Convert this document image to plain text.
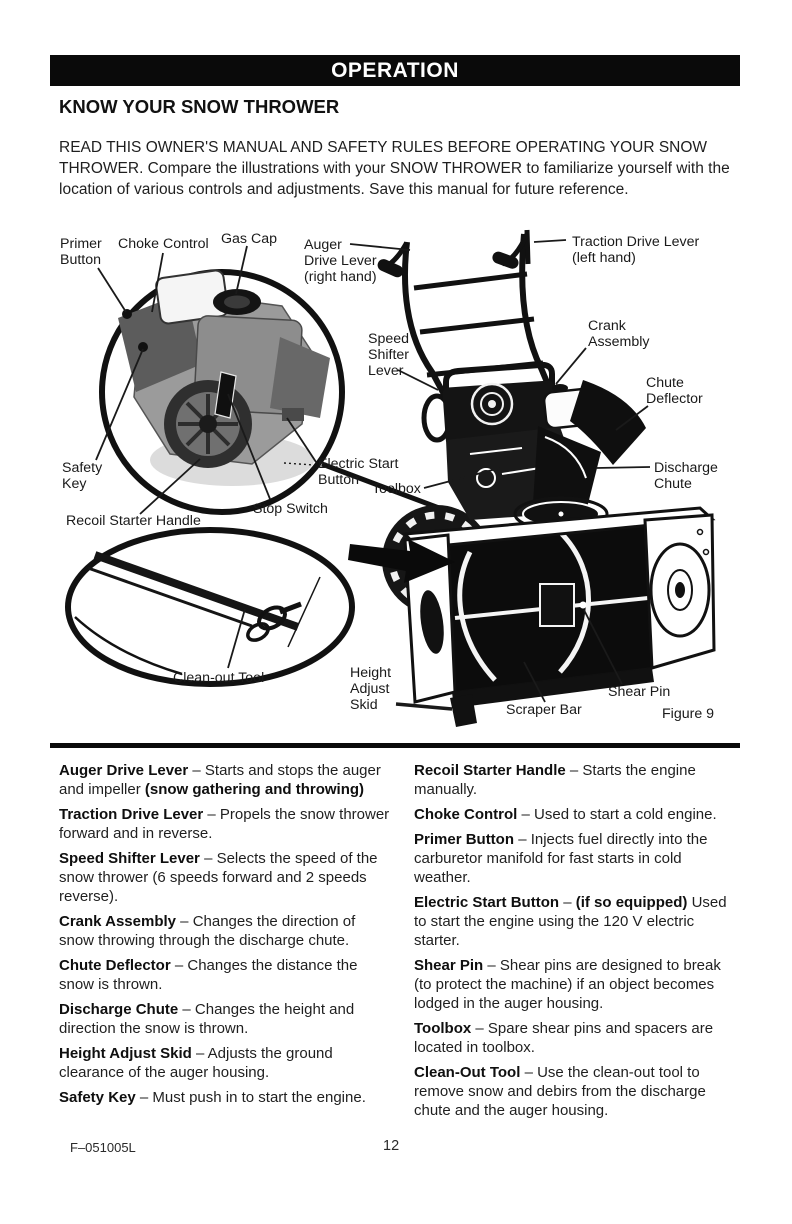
OPERATION
KNOW YOUR SNOW THROWER

READ THIS OWNER'S MANUAL AND SAFETY RULES BEFORE OPERATING YOUR SNOW THROWER. Compare the illustrations with your SNOW THROWER to familiarize yourself with the location of various controls and adjustments. Save this manual for future reference.

Primer
Button
Choke Control Gas Cap Auger
Drive Lever
(right hand)
Traction Drive Lever
(left hand)
Speed
Shifter
Lever
Crank
Assembly
Chute
Deflector
Electric Start
Button
Toolbox
Discharge
Chute
Safety
Key
Stop Switch
Recoil Starter Handle
Clean-out Tool	Height
Adjust
Skid	Scraper Bar
Shear Pin
Figure 9

Auger Drive Lever – Starts and stops the auger and impeller (snow gathering and throwing)

Traction Drive Lever – Propels the snow thrower forward and in reverse.

Speed Shifter Lever – Selects the speed of the snow thrower (6 speeds forward and 2 speeds reverse).

Crank Assembly – Changes the direction of snow throwing through the discharge chute.

Chute Deflector – Changes the distance the snow is thrown.

Discharge Chute – Changes the height and direction the snow is thrown.

Height Adjust Skid – Adjusts the ground clearance of the auger housing.

Safety Key – Must push in to start the engine.

Recoil Starter Handle – Starts the engine manually.

Choke Control – Used to start a cold engine.

Primer Button – Injects fuel directly into the carburetor manifold for fast starts in cold weather.

Electric Start Button – (if so equipped) Used to start the engine using the 120 V electric starter.

Shear Pin – Shear pins are designed to break (to protect the machine) if an object becomes lodged in the auger housing.

Toolbox – Spare shear pins and spacers are located in toolbox.

Clean-Out Tool – Use the clean-out tool to remove snow and debirs from the discharge chute and the auger housing.

F–051005L	12
